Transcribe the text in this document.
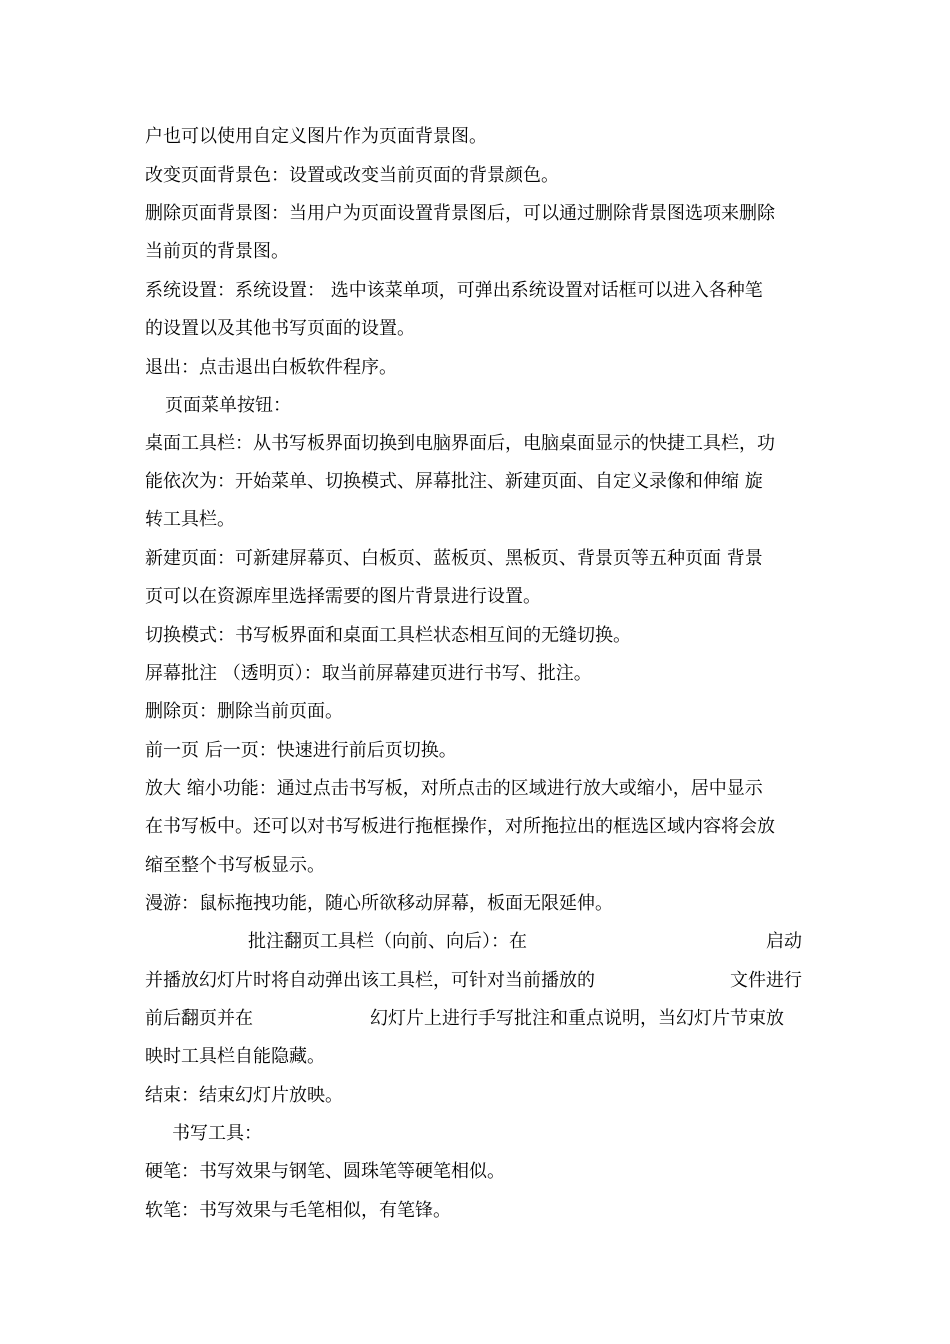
户也可以使用自定义图片作为页面背景图。
改变页面背景色：设置或改变当前页面的背景颜色。
删除页面背景图：当用户为页面设置背景图后，可以通过删除背景图选项来删除
当前页的背景图。
系统设置：系统设置： 选中该菜单项，可弹出系统设置对话框可以进入各种笔
的设置以及其他书写页面的设置。
退出：点击退出白板软件程序。
页面菜单按钮：
桌面工具栏：从书写板界面切换到电脑界面后，电脑桌面显示的快捷工具栏，功
能依次为：开始菜单、切换模式、屏幕批注、新建页面、自定义录像和伸缩 旋
转工具栏。
新建页面：可新建屏幕页、白板页、蓝板页、黑板页、背景页等五种页面 背景
页可以在资源库里选择需要的图片背景进行设置。
切换模式：书写板界面和桌面工具栏状态相互间的无缝切换。
屏幕批注 （透明页）：取当前屏幕建页进行书写、批注。
删除页：删除当前页面。
前一页 后一页：快速进行前后页切换。
放大 缩小功能：通过点击书写板，对所点击的区域进行放大或缩小，居中显示
在书写板中。还可以对书写板进行拖框操作，对所拖拉出的框选区域内容将会放
缩至整个书写板显示。
漫游：鼠标拖拽功能，随心所欲移动屏幕，板面无限延伸。
批注翻页工具栏（向前、向后）：在	启动
并播放幻灯片时将自动弹出该工具栏，可针对当前播放的	文件进行
前后翻页并在	幻灯片上进行手写批注和重点说明，当幻灯片节束放
映时工具栏自能隐藏。
结束：结束幻灯片放映。
书写工具：
硬笔：书写效果与钢笔、圆珠笔等硬笔相似。
软笔：书写效果与毛笔相似，有笔锋。
